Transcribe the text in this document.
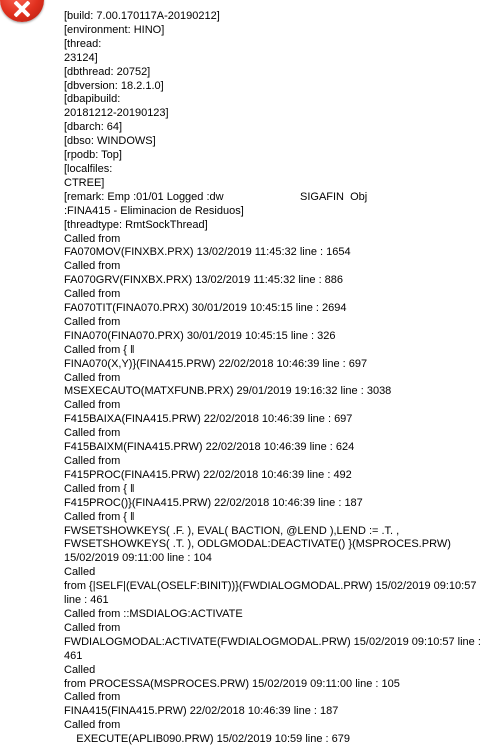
[build: 7.00.170117A-20190212]
[environment: HINO]
[thread:
23124]
[dbthread: 20752]
[dbversion: 18.2.1.0]
[dbapibuild:
20181212-20190123]
[dbarch: 64]
[dbso: WINDOWS]
[rpodb: Top]
[localfiles:
CTREE]
[remark: Emp :01/01 Logged :dw                         SIGAFIN  Obj
:FINA415 - Eliminacion de Residuos]
[threadtype: RmtSockThread]
Called from
FA070MOV(FINXBX.PRX) 13/02/2019 11:45:32 line : 1654
Called from
FA070GRV(FINXBX.PRX) 13/02/2019 11:45:32 line : 886
Called from
FA070TIT(FINA070.PRX) 30/01/2019 10:45:15 line : 2694
Called from
FINA070(FINA070.PRX) 30/01/2019 10:45:15 line : 326
Called from { ‖
FINA070(X,Y)}(FINA415.PRW) 22/02/2018 10:46:39 line : 697
Called from
MSEXECAUTO(MATXFUNB.PRX) 29/01/2019 19:16:32 line : 3038
Called from
F415BAIXA(FINA415.PRW) 22/02/2018 10:46:39 line : 697
Called from
F415BAIXM(FINA415.PRW) 22/02/2018 10:46:39 line : 624
Called from
F415PROC(FINA415.PRW) 22/02/2018 10:46:39 line : 492
Called from { ‖
F415PROC()}(FINA415.PRW) 22/02/2018 10:46:39 line : 187
Called from { ‖
FWSETSHOWKEYS( .F. ), EVAL( BACTION, @LEND ),LEND := .T. , FWSETSHOWKEYS( .T. ), ODLGMODAL:DEACTIVATE() }(MSPROCES.PRW) 15/02/2019 09:11:00 line : 104
Called
from {|SELF|(EVAL(OSELF:BINIT))}(FWDIALOGMODAL.PRW) 15/02/2019 09:10:57 line : 461
Called from ::MSDIALOG:ACTIVATE
Called from
FWDIALOGMODAL:ACTIVATE(FWDIALOGMODAL.PRW) 15/02/2019 09:10:57 line : 461
Called
from PROCESSA(MSPROCES.PRW) 15/02/2019 09:11:00 line : 105
Called from
FINA415(FINA415.PRW) 22/02/2018 10:46:39 line : 187
Called from
EXECUTE(APLIB090.PRW) 15/02/2019 10:59 line : 679
